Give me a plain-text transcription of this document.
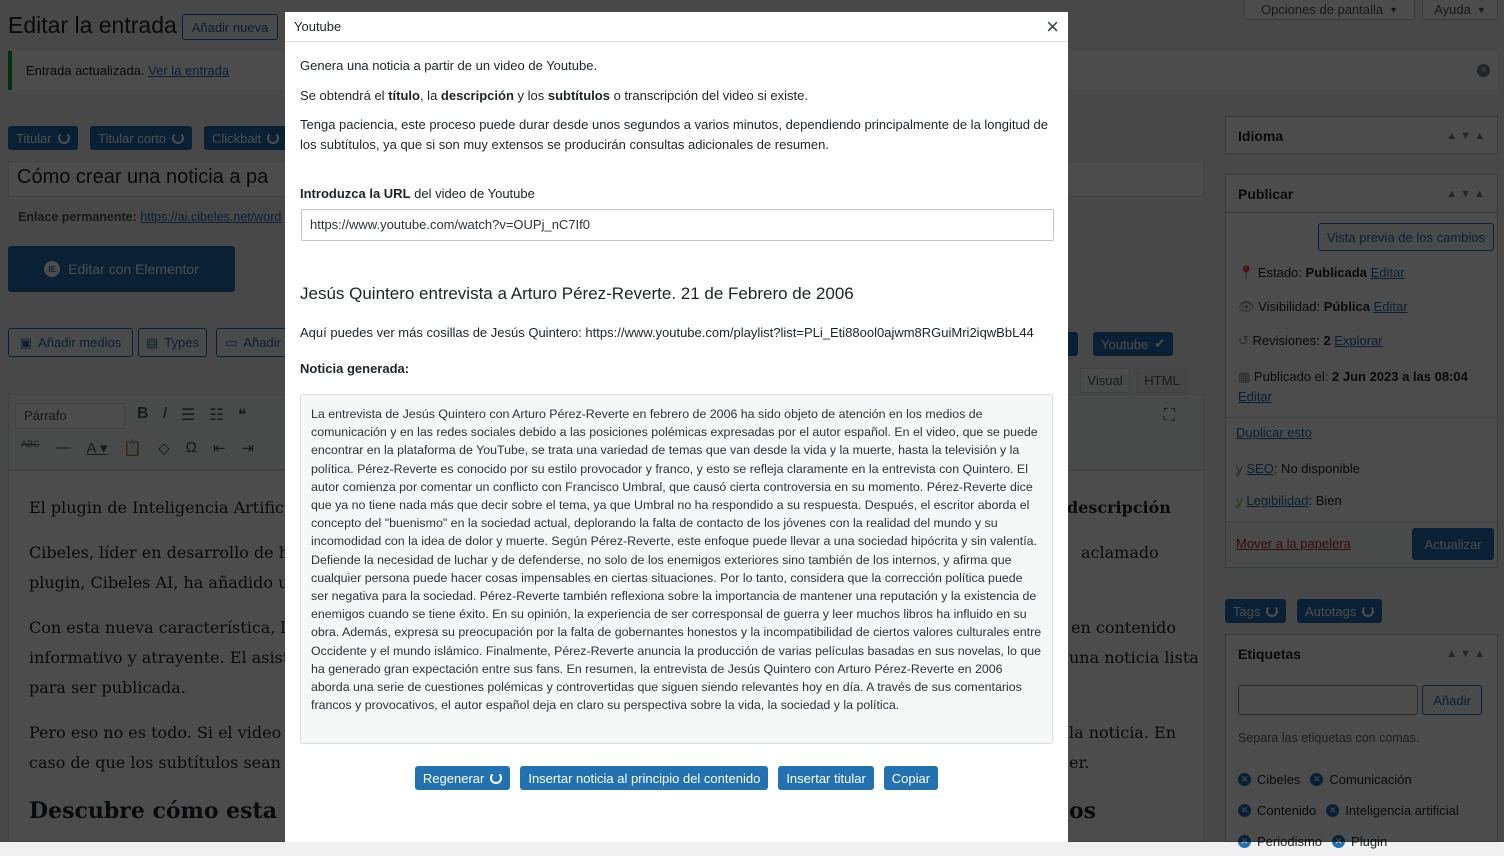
Youtube	×

Genera una noticia a partir de un video de Youtube.

Se obtendrá el título, la descripción y los subtítulos o transcripción del video si existe.

Tenga paciencia, este proceso puede durar desde unos segundos a varios minutos, dependiendo principalmente de la longitud de los subtítulos, ya que si son muy extensos se producirán consultas adicionales de resumen.

Introduzca la URL del video de Youtube

https://www.youtube.com/watch?v=OUPj_nC7If0
Jesús Quintero entrevista a Arturo Pérez-Reverte. 21 de Febrero de 2006

Aquí puedes ver más cosillas de Jesús Quintero: https://www.youtube.com/playlist?list=PLi_Eti88ool0ajwm8RGuiMri2iqwBbL44

Noticia generada:

La entrevista de Jesús Quintero con Arturo Pérez-Reverte en febrero de 2006 ha sido objeto de atención en los medios de comunicación y en las redes sociales debido a las posiciones polémicas expresadas por el autor español. En el video, que se puede encontrar en la plataforma de YouTube, se trata una variedad de temas que van desde la vida y la muerte, hasta la televisión y la política. Pérez-Reverte es conocido por su estilo provocador y franco, y esto se refleja claramente en la entrevista con Quintero. El autor comienza por comentar un conflicto con Francisco Umbral, que causó cierta controversia en su momento. Pérez-Reverte dice que ya no tiene nada más que decir sobre el tema, ya que Umbral no ha respondido a su respuesta. Después, el escritor aborda el concepto del "buenismo" en la sociedad actual, deplorando la falta de contacto de los jóvenes con la realidad del mundo y su incomodidad con la idea de dolor y muerte. Según Pérez-Reverte, este enfoque puede llevar a una sociedad hipócrita y sin valentía. Defiende la necesidad de luchar y de defenderse, no solo de los enemigos exteriores sino también de los internos, y afirma que cualquier persona puede hacer cosas impensables en ciertas situaciones. Por lo tanto, considera que la corrección política puede ser negativa para la sociedad. Pérez-Reverte también reflexiona sobre la importancia de mantener una reputación y la existencia de enemigos cuando se tiene éxito. En su opinión, la experiencia de ser corresponsal de guerra y leer muchos libros ha influido en su obra. Además, expresa su preocupación por la falta de gobernantes honestos y la incompatibilidad de ciertos valores culturales entre Occidente y el mundo islámico. Finalmente, Pérez-Reverte anuncia la producción de varias películas basadas en sus novelas, lo que ha generado gran expectación entre sus fans. En resumen, la entrevista de Jesús Quintero con Arturo Pérez-Reverte en 2006 aborda una serie de cuestiones polémicas y controvertidas que siguen siendo relevantes hoy en día. A través de sus comentarios francos y provocativos, el autor español deja en claro su perspectiva sobre la vida, la sociedad y la política.
Regenerar	Insertar noticia al principio del contenido	Insertar titular	Copiar
